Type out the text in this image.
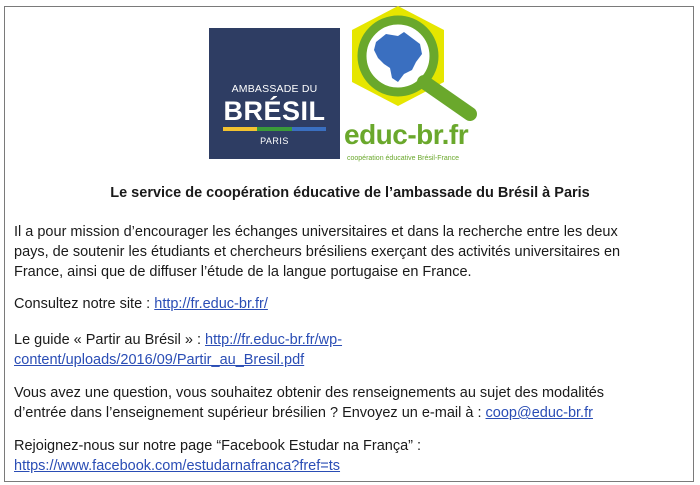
AMBASSADE DU
BRÉSIL
PARIS	educ-br.fr
coopération éducative Brésil-France
Le service de coopération éducative de l’ambassade du Brésil à Paris

Il a pour mission d’encourager les échanges universitaires et dans la recherche entre les deux
pays, de soutenir les étudiants et chercheurs brésiliens exerçant des activités universitaires en
France, ainsi que de diffuser l’étude de la langue portugaise en France.

Consultez notre site : http://fr.educ-br.fr/

Le guide « Partir au Brésil » : http://fr.educ-br.fr/wp-
content/uploads/2016/09/Partir_au_Bresil.pdf

Vous avez une question, vous souhaitez obtenir des renseignements au sujet des modalités
d’entrée dans l’enseignement supérieur brésilien ? Envoyez un e-mail à : coop@educ-br.fr

Rejoignez-nous sur notre page “Facebook Estudar na França” :
https://www.facebook.com/estudarnafranca?fref=ts
